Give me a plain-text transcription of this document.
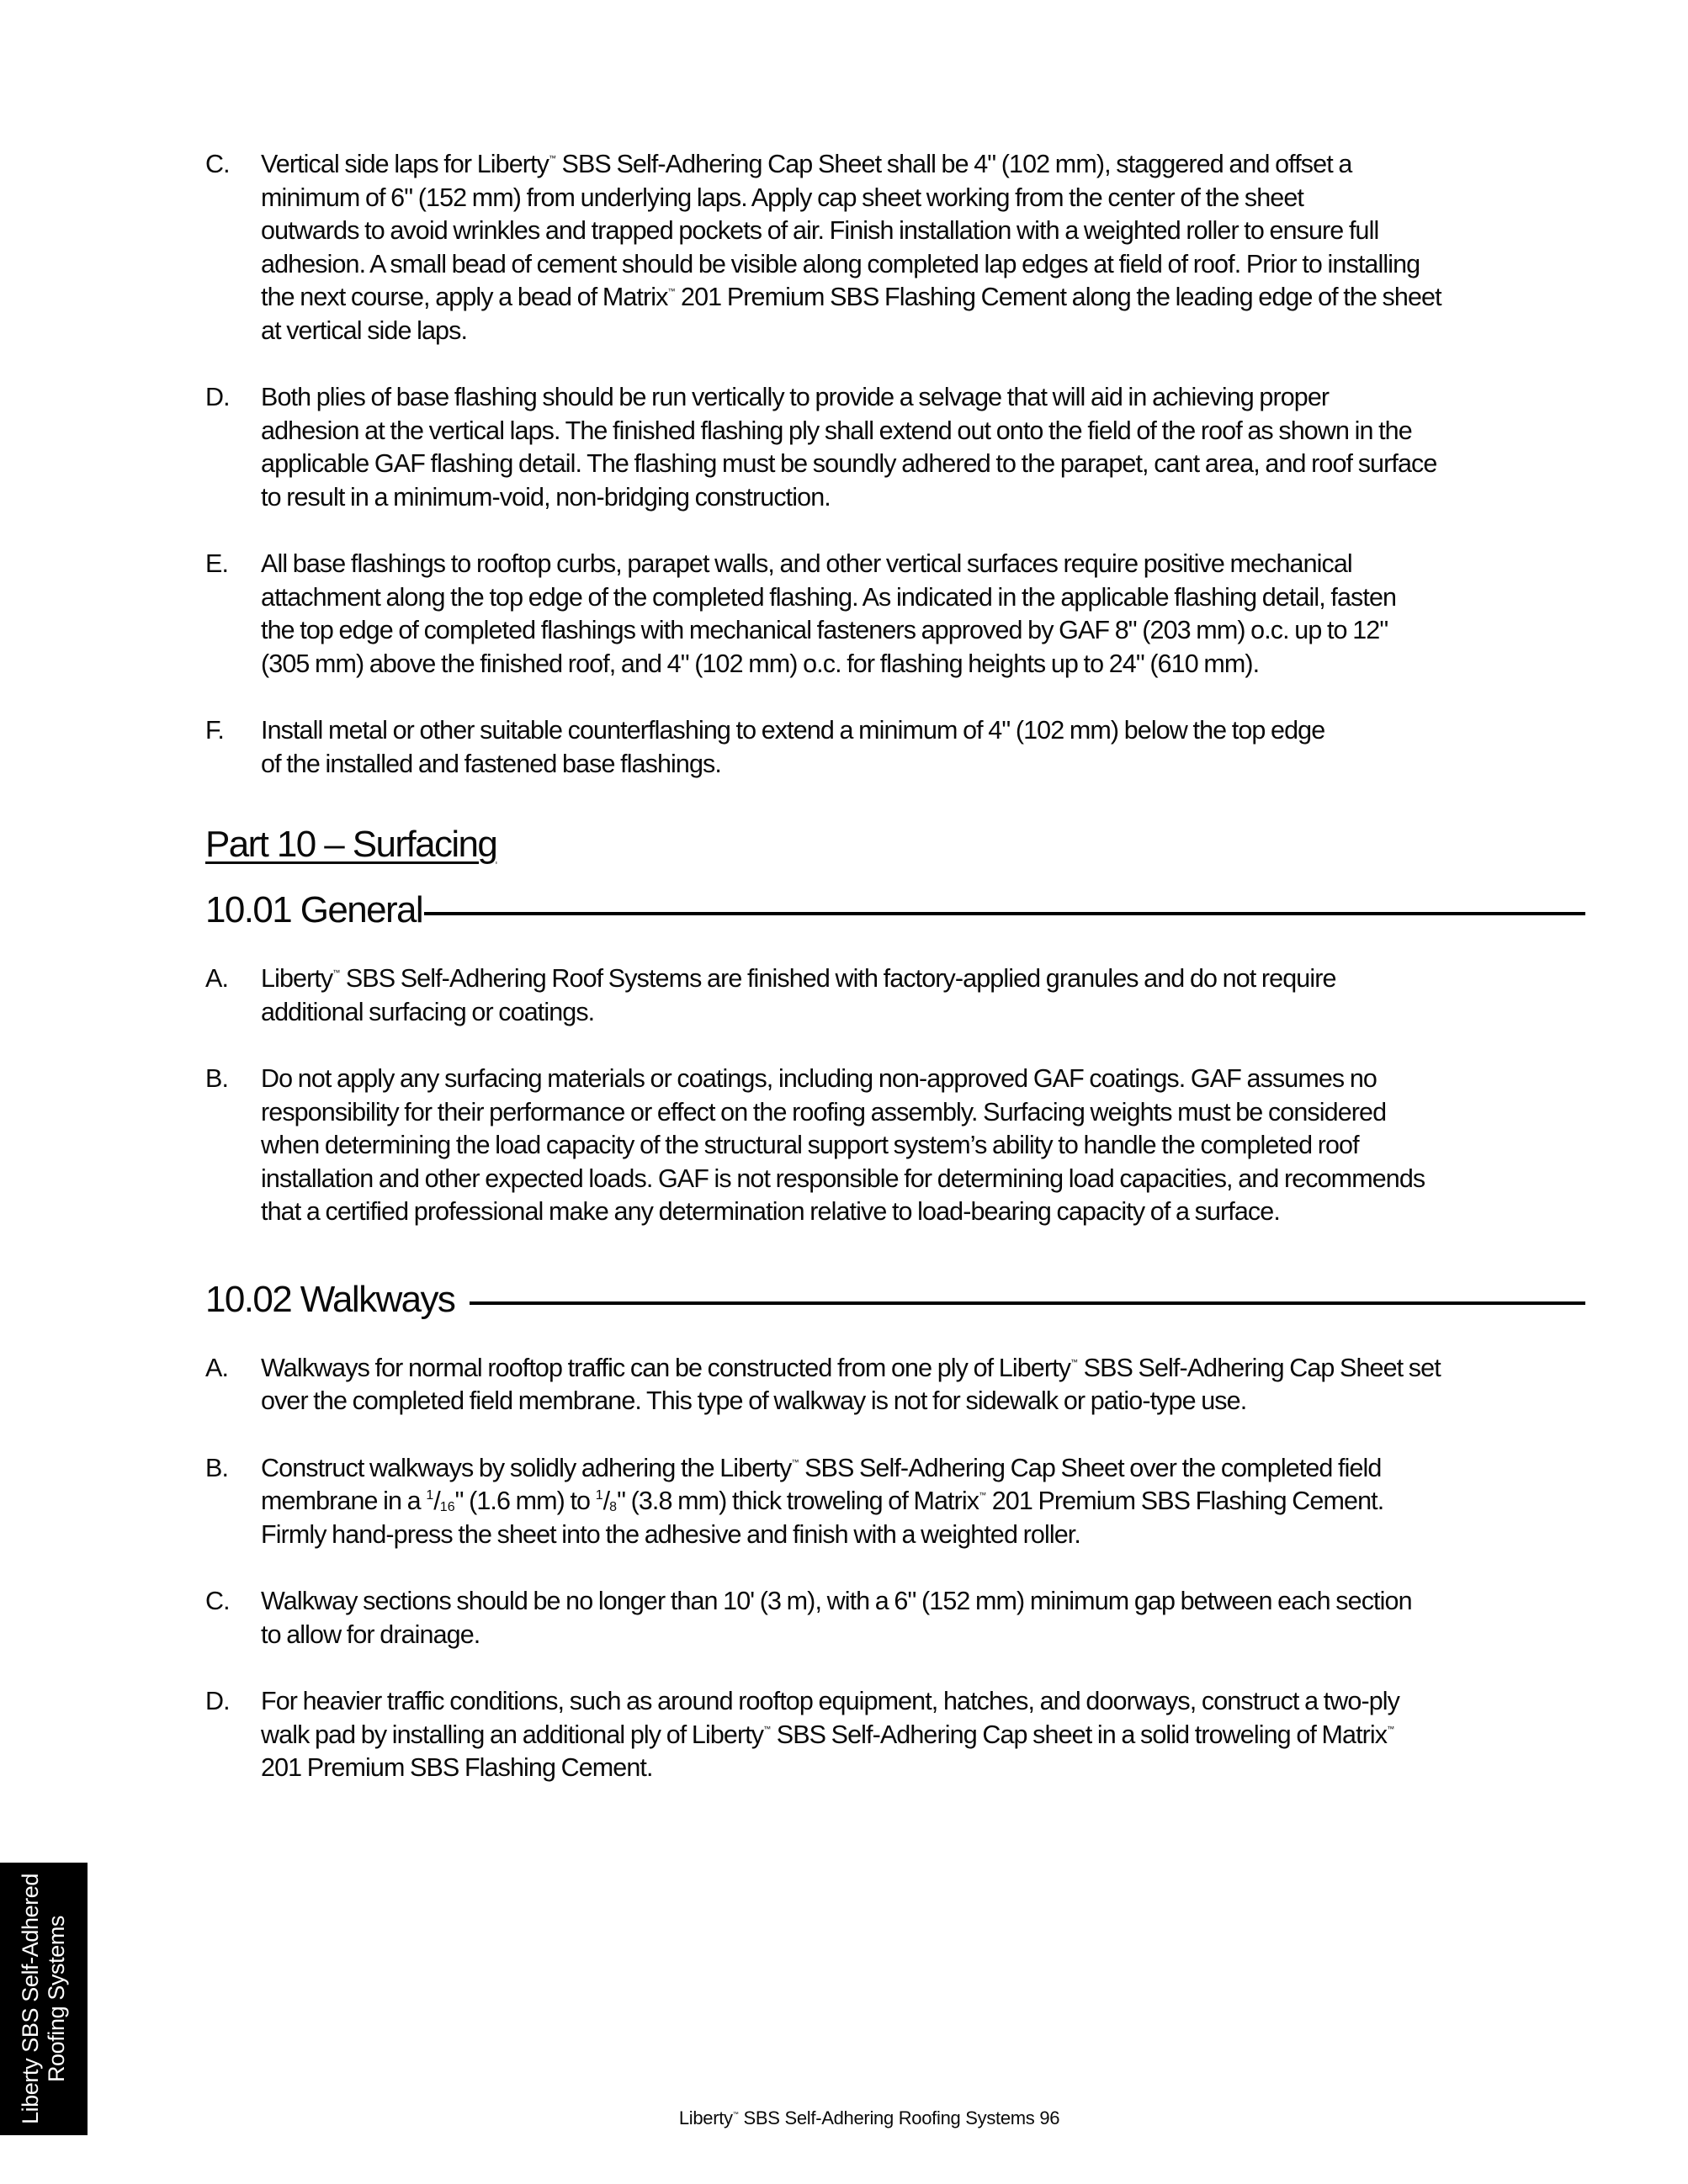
C. Vertical side laps for Liberty™ SBS Self-Adhering Cap Sheet shall be 4" (102 mm), staggered and offset a
minimum of 6" (152 mm) from underlying laps. Apply cap sheet working from the center of the sheet
outwards to avoid wrinkles and trapped pockets of air. Finish installation with a weighted roller to ensure full
adhesion. A small bead of cement should be visible along completed lap edges at field of roof. Prior to installing
the next course, apply a bead of Matrix™ 201 Premium SBS Flashing Cement along the leading edge of the sheet
at vertical side laps.
D. Both plies of base flashing should be run vertically to provide a selvage that will aid in achieving proper
adhesion at the vertical laps. The finished flashing ply shall extend out onto the field of the roof as shown in the
applicable GAF flashing detail. The flashing must be soundly adhered to the parapet, cant area, and roof surface
to result in a minimum-void, non-bridging construction.
E. All base flashings to rooftop curbs, parapet walls, and other vertical surfaces require positive mechanical
attachment along the top edge of the completed flashing. As indicated in the applicable flashing detail, fasten
the top edge of completed flashings with mechanical fasteners approved by GAF 8" (203 mm) o.c. up to 12"
(305 mm) above the finished roof, and 4" (102 mm) o.c. for flashing heights up to 24" (610 mm).
F. Install metal or other suitable counterflashing to extend a minimum of 4" (102 mm) below the top edge
of the installed and fastened base flashings.
Part 10 – Surfacing
10.01 General
A. Liberty™ SBS Self-Adhering Roof Systems are finished with factory-applied granules and do not require
additional surfacing or coatings.
B. Do not apply any surfacing materials or coatings, including non-approved GAF coatings. GAF assumes no
responsibility for their performance or effect on the roofing assembly. Surfacing weights must be considered
when determining the load capacity of the structural support system’s ability to handle the completed roof
installation and other expected loads. GAF is not responsible for determining load capacities, and recommends
that a certified professional make any determination relative to load-bearing capacity of a surface.
10.02 Walkways
A. Walkways for normal rooftop traffic can be constructed from one ply of Liberty™ SBS Self-Adhering Cap Sheet set
over the completed field membrane. This type of walkway is not for sidewalk or patio-type use.
B. Construct walkways by solidly adhering the Liberty™ SBS Self-Adhering Cap Sheet over the completed field
membrane in a $^1$/16" (1.6 mm) to $^1$/8" (3.8 mm) thick troweling of Matrix™ 201 Premium SBS Flashing Cement.
Firmly hand-press the sheet into the adhesive and finish with a weighted roller.
C. Walkway sections should be no longer than 10' (3 m), with a 6" (152 mm) minimum gap between each section
to allow for drainage.
D. For heavier traffic conditions, such as around rooftop equipment, hatches, and doorways, construct a two-ply
walk pad by installing an additional ply of Liberty™ SBS Self-Adhering Cap sheet in a solid troweling of Matrix™
201 Premium SBS Flashing Cement.
Liberty SBS Self-Adhered Roofing Systems
Liberty™ SBS Self-Adhering Roofing Systems 96
